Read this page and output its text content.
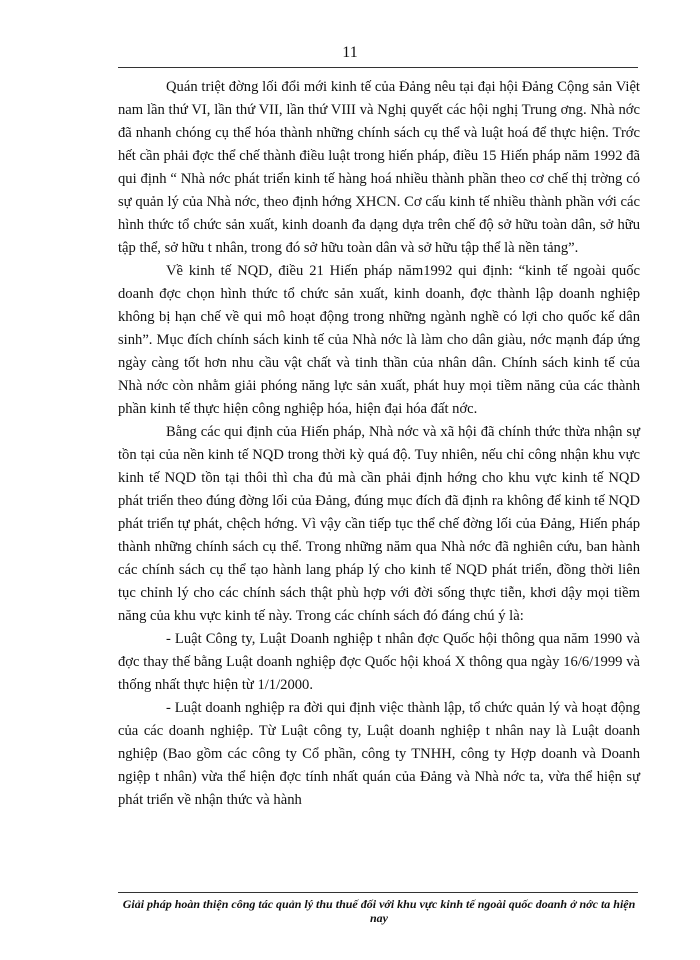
11

Quán triệt đờng lối đổi mới kinh tế của Đảng nêu tại đại hội Đảng Cộng sản Việt nam lần thứ VI, lần thứ VII, lần thứ VIII và Nghị quyết các hội nghị Trung ơng. Nhà nớc đã nhanh chóng cụ thể hóa thành những chính sách cụ thể và luật hoá để thực hiện. Trớc hết cần phải đợc thể chế thành điều luật trong hiến pháp, điều 15 Hiến pháp năm 1992 đã qui định “ Nhà nớc phát triển kinh tế hàng hoá nhiều thành phần theo cơ chế thị trờng có sự quản lý của Nhà nớc, theo định hớng XHCN. Cơ cấu kinh tế nhiều thành phần với các hình thức tổ chức sản xuất, kinh doanh đa dạng dựa trên chế độ sở hữu toàn dân, sở hữu tập thể, sở hữu t nhân, trong đó sở hữu toàn dân và sở hữu tập thể là nền tảng”.

Về kinh tế NQD, điều 21 Hiến pháp năm1992 qui định: “kinh tế ngoài quốc doanh đợc chọn hình thức tổ chức sản xuất, kinh doanh, đợc thành lập doanh nghiệp không bị hạn chế về qui mô hoạt động trong những ngành nghề có lợi cho quốc kế dân sinh”. Mục đích chính sách kinh tế của Nhà nớc là làm cho dân giàu, nớc mạnh đáp ứng ngày càng tốt hơn nhu cầu vật chất và tinh thần của nhân dân. Chính sách kinh tế của Nhà nớc còn nhằm giải phóng năng lực sản xuất, phát huy mọi tiềm năng của các thành phần kinh tế thực hiện công nghiệp hóa, hiện đại hóa đất nớc.

Bằng các qui định của Hiến pháp, Nhà nớc và xã hội đã chính thức thừa nhận sự tồn tại của nền kinh tế NQD trong thời kỳ quá độ. Tuy nhiên, nếu chỉ công nhận khu vực kinh tế NQD tồn tại thôi thì cha đủ mà cần phải định hớng cho khu vực kinh tế NQD phát triển theo đúng đờng lối của Đảng, đúng mục đích đã định ra không để kinh tế NQD phát triển tự phát, chệch hớng. Vì vậy cần tiếp tục thể chế đờng lối của Đảng, Hiến pháp thành những chính sách cụ thể. Trong những năm qua Nhà nớc đã nghiên cứu, ban hành các chính sách cụ thể tạo hành lang pháp lý cho kinh tế NQD phát triển, đồng thời liên tục chỉnh lý cho các chính sách thật phù hợp với đời sống thực tiễn, khơi dậy mọi tiềm năng của khu vực kinh tế này. Trong các chính sách đó đáng chú ý là:

- Luật Công ty, Luật Doanh nghiệp t nhân đợc Quốc hội thông qua năm 1990 và đợc thay thế bằng Luật doanh nghiệp đợc Quốc hội khoá X thông qua ngày 16/6/1999 và thống nhất thực hiện từ 1/1/2000.

- Luật doanh nghiệp ra đời qui định việc thành lập, tổ chức quản lý và hoạt động của các doanh nghiệp. Từ Luật công ty, Luật doanh nghiệp t nhân nay là Luật doanh nghiệp (Bao gồm các công ty Cổ phần, công ty TNHH, công ty Hợp doanh và Doanh ngiệp t nhân) vừa thể hiện đợc tính nhất quán của Đảng và Nhà nớc ta, vừa thể hiện sự phát triển về nhận thức và hành

Giải pháp hoàn thiện công tác quản lý thu thuế đối với khu vực kinh tế ngoài quốc doanh ở nớc ta hiện nay
